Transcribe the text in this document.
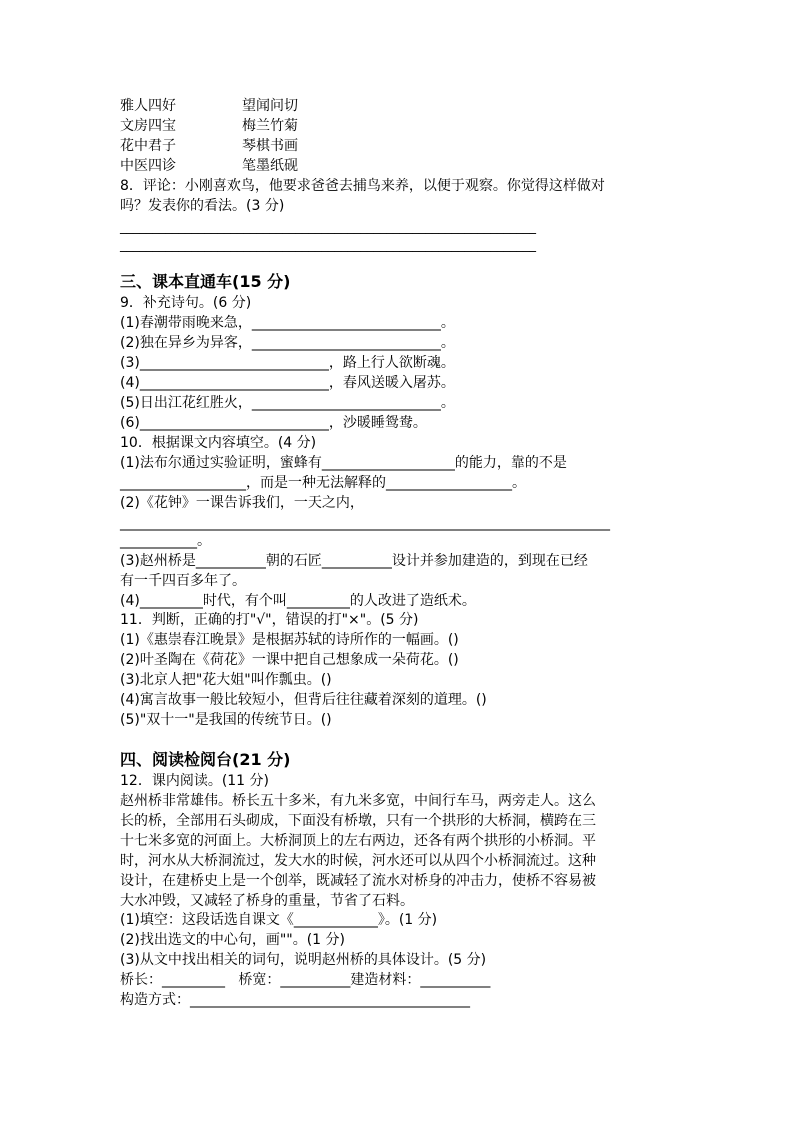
雅人四好	望闻问切
文房四宝	梅兰竹菊
花中君子	琴棋书画
中医四诊	笔墨纸砚
8．评论：小刚喜欢鸟，他要求爸爸去捕鸟来养，以便于观察。你觉得这样做对
吗？发表你的看法。(3 分)
________________________________________________________________
________________________________________________________________
三、课本直通车(15 分)
9．补充诗句。(6 分)
(1)春潮带雨晚来急，___________________________。
(2)独在异乡为异客，___________________________。
(3)___________________________，路上行人欲断魂。
(4)___________________________，春风送暖入屠苏。
(5)日出江花红胜火，___________________________。
(6)___________________________，沙暖睡鸳鸯。
10．根据课文内容填空。(4 分)
(1)法布尔通过实验证明，蜜蜂有___________________的能力，靠的不是
__________________，而是一种无法解释的__________________。
(2)《花钟》一课告诉我们，一天之内，
______________________________________________________________________
___________。
(3)赵州桥是__________朝的石匠__________设计并参加建造的，到现在已经
有一千四百多年了。
(4)_________时代，有个叫_________的人改进了造纸术。
11．判断，正确的打"√"，错误的打"×"。(5 分)
(1)《惠崇春江晚景》是根据苏轼的诗所作的一幅画。()
(2)叶圣陶在《荷花》一课中把自己想象成一朵荷花。()
(3)北京人把"花大姐"叫作瓢虫。()
(4)寓言故事一般比较短小，但背后往往藏着深刻的道理。()
(5)"双十一"是我国的传统节日。()
四、阅读检阅台(21 分)
12．课内阅读。(11 分)
赵州桥非常雄伟。桥长五十多米，有九米多宽，中间行车马，两旁走人。这么
长的桥，全部用石头砌成，下面没有桥墩，只有一个拱形的大桥洞，横跨在三
十七米多宽的河面上。大桥洞顶上的左右两边，还各有两个拱形的小桥洞。平
时，河水从大桥洞流过，发大水的时候，河水还可以从四个小桥洞流过。这种
设计，在建桥史上是一个创举，既减轻了流水对桥身的冲击力，使桥不容易被
大水冲毁，又减轻了桥身的重量，节省了石料。
(1)填空：这段话选自课文《____________》。(1 分)
(2)找出选文的中心句，画""。(1 分)
(3)从文中找出相关的词句，说明赵州桥的具体设计。(5 分)
桥长：_________   桥宽：__________建造材料：__________
构造方式：________________________________________
